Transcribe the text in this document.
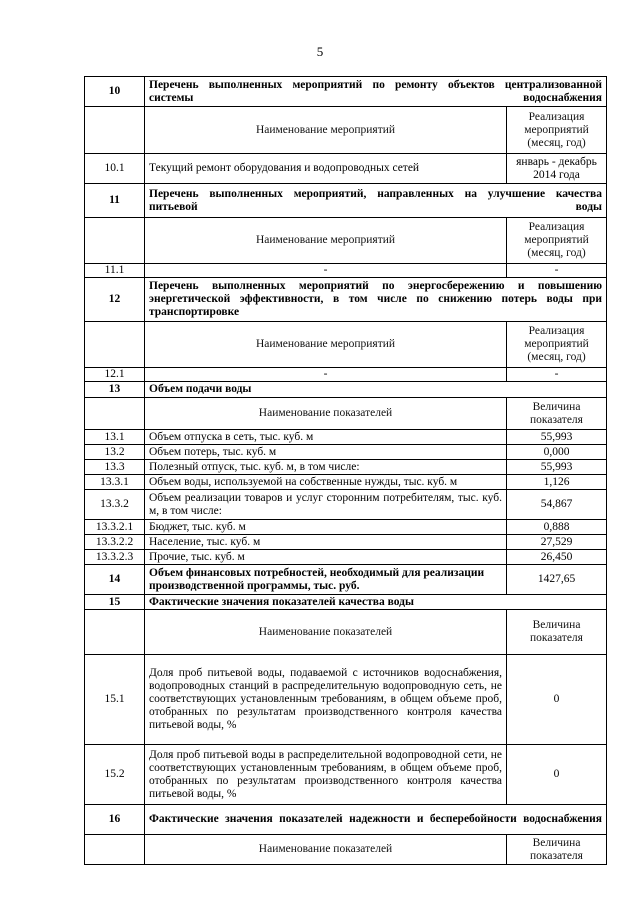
5
10	Перечень выполненных мероприятий по ремонту объектов централизованной системы водоснабжения	
	Наименование мероприятий	Реализация мероприятий (месяц, год)
10.1	Текущий ремонт оборудования и водопроводных сетей	январь - декабрь 2014 года
11	Перечень выполненных мероприятий, направленных на улучшение качества питьевой воды	
	Наименование мероприятий	Реализация мероприятий (месяц, год)
11.1	-	-
12	Перечень выполненных мероприятий по энергосбережению и повышению энергетической эффективности, в том числе по снижению потерь воды при транспортировке	
	Наименование мероприятий	Реализация мероприятий (месяц, год)
12.1	-	-
13	Объем подачи воды	
	Наименование показателей	Величина показателя
13.1	Объем отпуска в сеть, тыс. куб. м	55,993
13.2	Объем потерь, тыс. куб. м	0,000
13.3	Полезный отпуск, тыс. куб. м, в том числе:	55,993
13.3.1	Объем воды, используемой на собственные нужды, тыс. куб. м	1,126
13.3.2	Объем реализации товаров и услуг сторонним потребителям, тыс. куб. м, в том числе:	54,867
13.3.2.1	Бюджет, тыс. куб. м	0,888
13.3.2.2	Население, тыс. куб. м	27,529
13.3.2.3	Прочие, тыс. куб. м	26,450
14	Объем финансовых потребностей, необходимый для реализации производственной программы, тыс. руб.	1427,65
15	Фактические значения показателей качества воды	
	Наименование показателей	Величина показателя
15.1	Доля проб питьевой воды, подаваемой с источников водоснабжения, водопроводных станций в распределительную водопроводную сеть, не соответствующих установленным требованиям, в общем объеме проб, отобранных по результатам производственного контроля качества питьевой воды, %	0
15.2	Доля проб питьевой воды в распределительной водопроводной сети, не соответствующих установленным требованиям, в общем объеме проб, отобранных по результатам производственного контроля качества питьевой воды, %	0
16	Фактические значения показателей надежности и бесперебойности водоснабжения	
	Наименование показателей	Величина показателя
